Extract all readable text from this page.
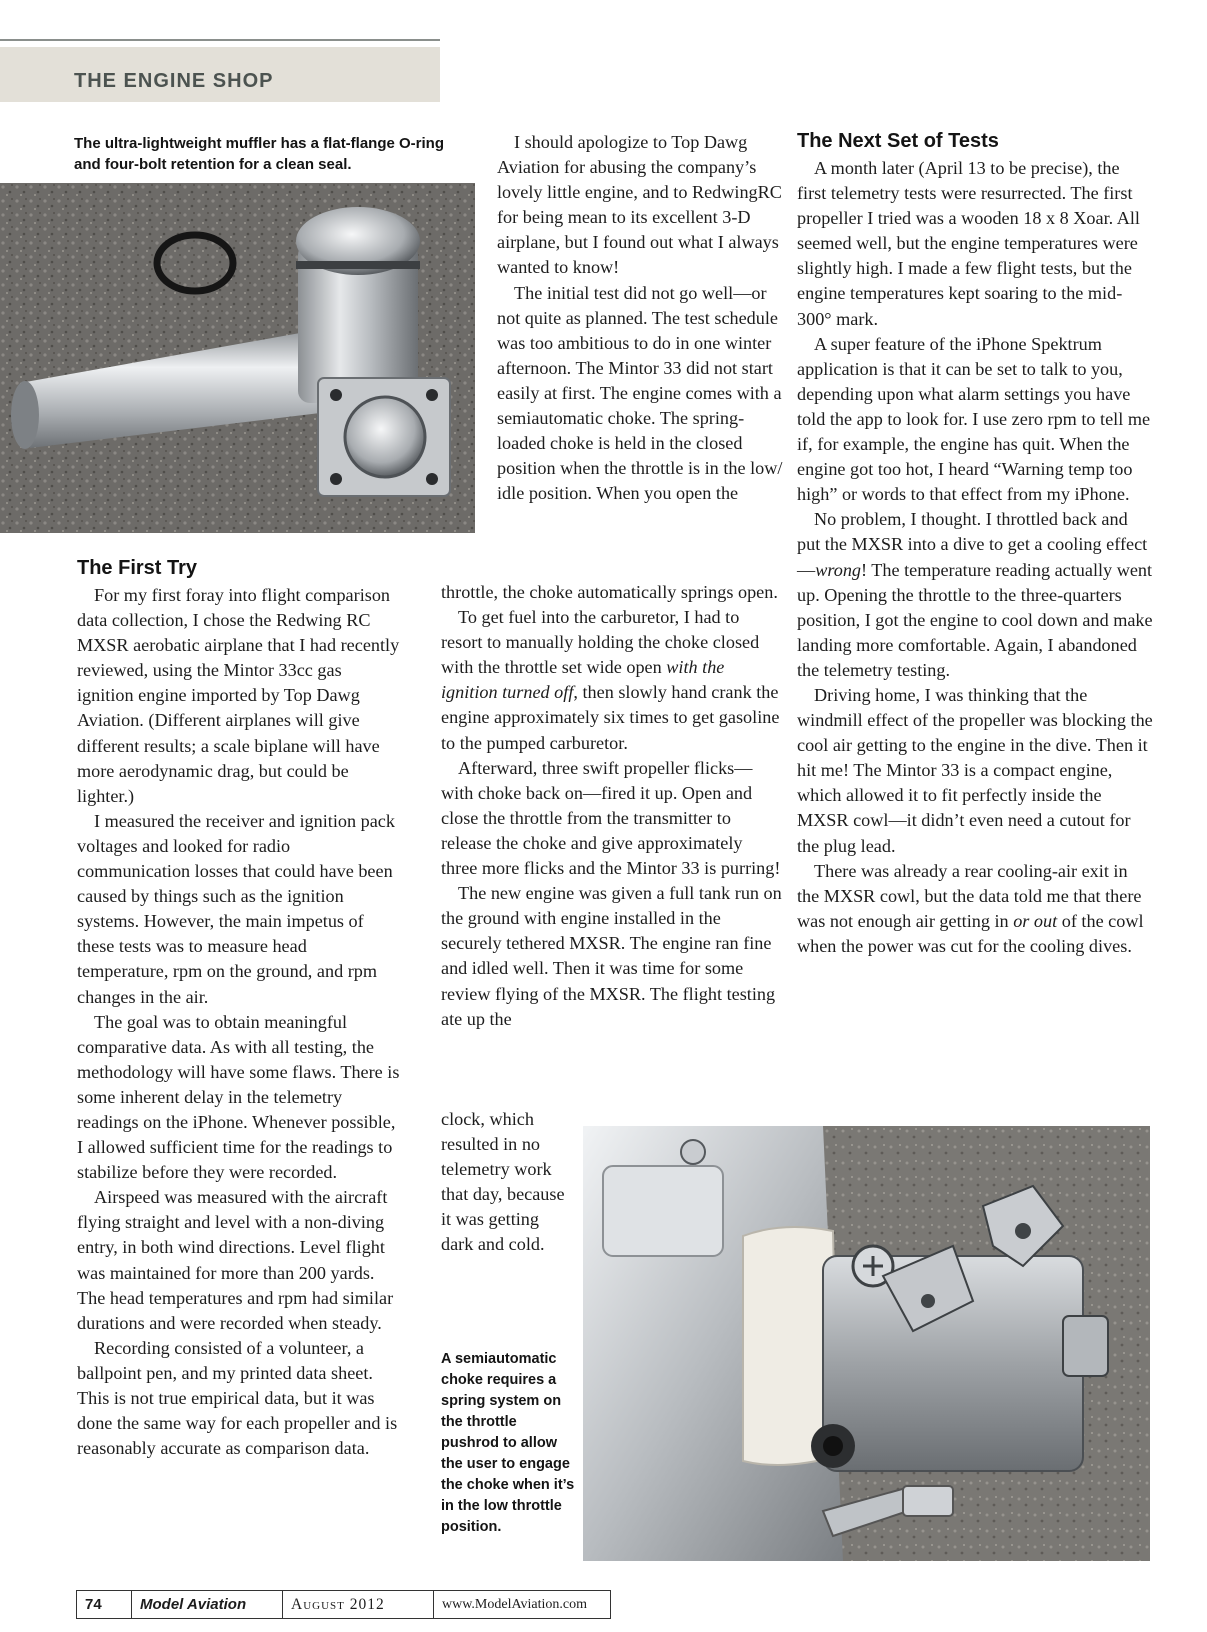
THE ENGINE SHOP

The ultra-lightweight muffler has a flat-flange O-ring and four-bolt retention for a clean seal.

The First Try

For my first foray into flight comparison data collection, I chose the Redwing RC MXSR aerobatic airplane that I had recently reviewed, using the Mintor 33cc gas ignition engine imported by Top Dawg Aviation. (Different airplanes will give different results; a scale biplane will have more aerodynamic drag, but could be lighter.)

I measured the receiver and ignition pack voltages and looked for radio communication losses that could have been caused by things such as the ignition systems. However, the main impetus of these tests was to measure head temperature, rpm on the ground, and rpm changes in the air.

The goal was to obtain meaningful comparative data. As with all testing, the methodology will have some flaws. There is some inherent delay in the telemetry readings on the iPhone. Whenever possible, I allowed sufficient time for the readings to stabilize before they were recorded.

Airspeed was measured with the aircraft flying straight and level with a non-diving entry, in both wind directions. Level flight was maintained for more than 200 yards. The head temperatures and rpm had similar durations and were recorded when steady.

Recording consisted of a volunteer, a ballpoint pen, and my printed data sheet. This is not true empirical data, but it was done the same way for each propeller and is reasonably accurate as comparison data.

I should apologize to Top Dawg Aviation for abusing the company’s lovely little engine, and to RedwingRC for being mean to its excellent 3-D airplane, but I found out what I always wanted to know!

The initial test did not go well—or not quite as planned. The test schedule was too ambitious to do in one winter afternoon. The Mintor 33 did not start easily at first. The engine comes with a semiautomatic choke. The spring-loaded choke is held in the closed position when the throttle is in the low/ idle position. When you open the

throttle, the choke automatically springs open.

To get fuel into the carburetor, I had to resort to manually holding the choke closed with the throttle set wide open with the ignition turned off, then slowly hand crank the engine approximately six times to get gasoline to the pumped carburetor.

Afterward, three swift propeller flicks—with choke back on—fired it up. Open and close the throttle from the transmitter to release the choke and give approximately three more flicks and the Mintor 33 is purring!

The new engine was given a full tank run on the ground with engine installed in the securely tethered MXSR. The engine ran fine and idled well. Then it was time for some review flying of the MXSR. The flight testing ate up the

clock, which resulted in no telemetry work that day, because it was getting dark and cold.

A semiautomatic choke requires a spring system on the throttle pushrod to allow the user to engage the choke when it’s in the low throttle position.

The Next Set of Tests

A month later (April 13 to be precise), the first telemetry tests were resurrected. The first propeller I tried was a wooden 18 x 8 Xoar. All seemed well, but the engine temperatures were slightly high. I made a few flight tests, but the engine temperatures kept soaring to the mid-300° mark.

A super feature of the iPhone Spektrum application is that it can be set to talk to you, depending upon what alarm settings you have told the app to look for. I use zero rpm to tell me if, for example, the engine has quit. When the engine got too hot, I heard “Warning temp too high” or words to that effect from my iPhone.

No problem, I thought. I throttled back and put the MXSR into a dive to get a cooling effect—wrong! The temperature reading actually went up. Opening the throttle to the three-quarters position, I got the engine to cool down and make landing more comfortable. Again, I abandoned the telemetry testing.

Driving home, I was thinking that the windmill effect of the propeller was blocking the cool air getting to the engine in the dive. Then it hit me! The Mintor 33 is a compact engine, which allowed it to fit perfectly inside the MXSR cowl—it didn’t even need a cutout for the plug lead.

There was already a rear cooling-air exit in the MXSR cowl, but the data told me that there was not enough air getting in or out of the cowl when the power was cut for the cooling dives.

74	Model Aviation	August 2012	www.ModelAviation.com
